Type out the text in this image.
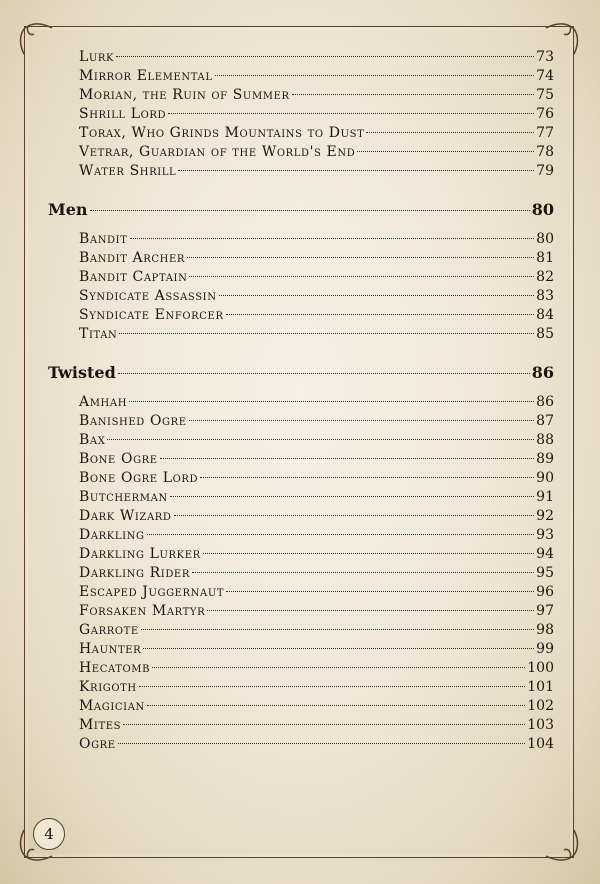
Lurk	73
Mirror Elemental	74
Morian, the Ruin of Summer	75
Shrill Lord	76
Torax, Who Grinds Mountains to Dust	77
Vetrar, Guardian of the World's End	78
Water Shrill	79
Men	80
Bandit	80
Bandit Archer	81
Bandit Captain	82
Syndicate Assassin	83
Syndicate Enforcer	84
Titan	85
Twisted	86
Amhah	86
Banished Ogre	87
Bax	88
Bone Ogre	89
Bone Ogre Lord	90
Butcherman	91
Dark Wizard	92
Darkling	93
Darkling Lurker	94
Darkling Rider	95
Escaped Juggernaut	96
Forsaken Martyr	97
Garrote	98
Haunter	99
Hecatomb	100
Krigoth	101
Magician	102
Mites	103
Ogre	104
4
